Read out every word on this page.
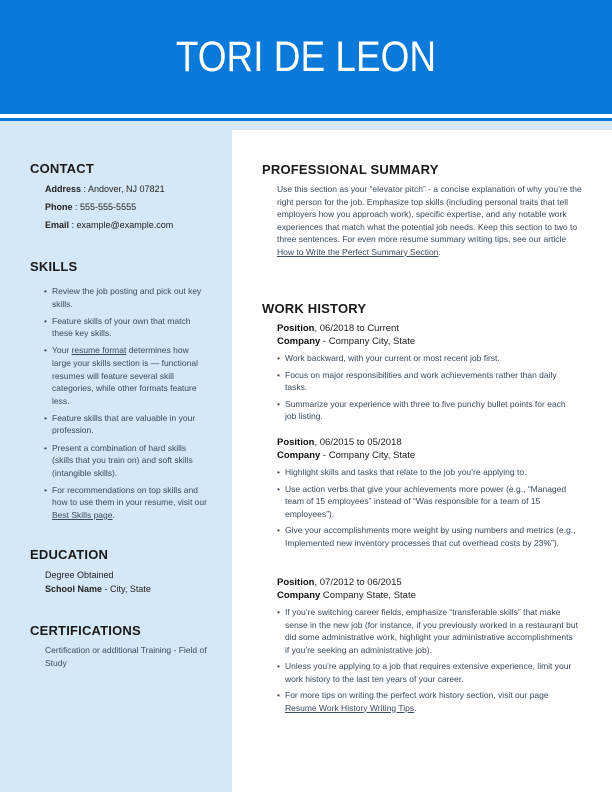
TORI DE LEON
CONTACT
Address : Andover, NJ 07821
Phone : 555-555-5555
Email : example@example.com
SKILLS
• Review the job posting and pick out key skills.
• Feature skills of your own that match these key skills.
• Your resume format determines how large your skills section is — functional resumes will feature several skill categories, while other formats feature less.
• Feature skills that are valuable in your profession.
• Present a combination of hard skills (skills that you train on) and soft skills (intangible skills).
• For recommendations on top skills and how to use them in your resume, visit our Best Skills page.
EDUCATION
Degree Obtained
School Name - City, State
CERTIFICATIONS
Certification or additional Training - Field of Study
PROFESSIONAL SUMMARY
Use this section as your “elevator pitch” - a concise explanation of why you’re the right person for the job. Emphasize top skills (including personal traits that tell employers how you approach work), specific expertise, and any notable work experiences that match what the potential job needs. Keep this section to two to three sentences. For even more resume summary writing tips, see our article How to Write the Perfect Summary Section.
WORK HISTORY
Position, 06/2018 to Current
Company - Company City, State
• Work backward, with your current or most recent job first.
• Focus on major responsibilities and work achievements rather than daily tasks.
• Summarize your experience with three to five punchy bullet points for each job listing.
Position, 06/2015 to 05/2018
Company - Company City, State
• Highlight skills and tasks that relate to the job you’re applying to.
• Use action verbs that give your achievements more power (e.g., “Managed team of 15 employees” instead of “Was responsible for a team of 15 employees”).
• Give your accomplishments more weight by using numbers and metrics (e.g., Implemented new inventory processes that cut overhead costs by 23%”).
Position, 07/2012 to 06/2015
Company Company State, State
• If you’re switching career fields, emphasize “transferable skills” that make sense in the new job (for instance, if you previously worked in a restaurant but did some administrative work, highlight your administrative accomplishments if you’re seeking an administrative job).
• Unless you’re applying to a job that requires extensive experience, limit your work history to the last ten years of your career.
• For more tips on writing the perfect work history section, visit our page Resume Work History Writing Tips.
